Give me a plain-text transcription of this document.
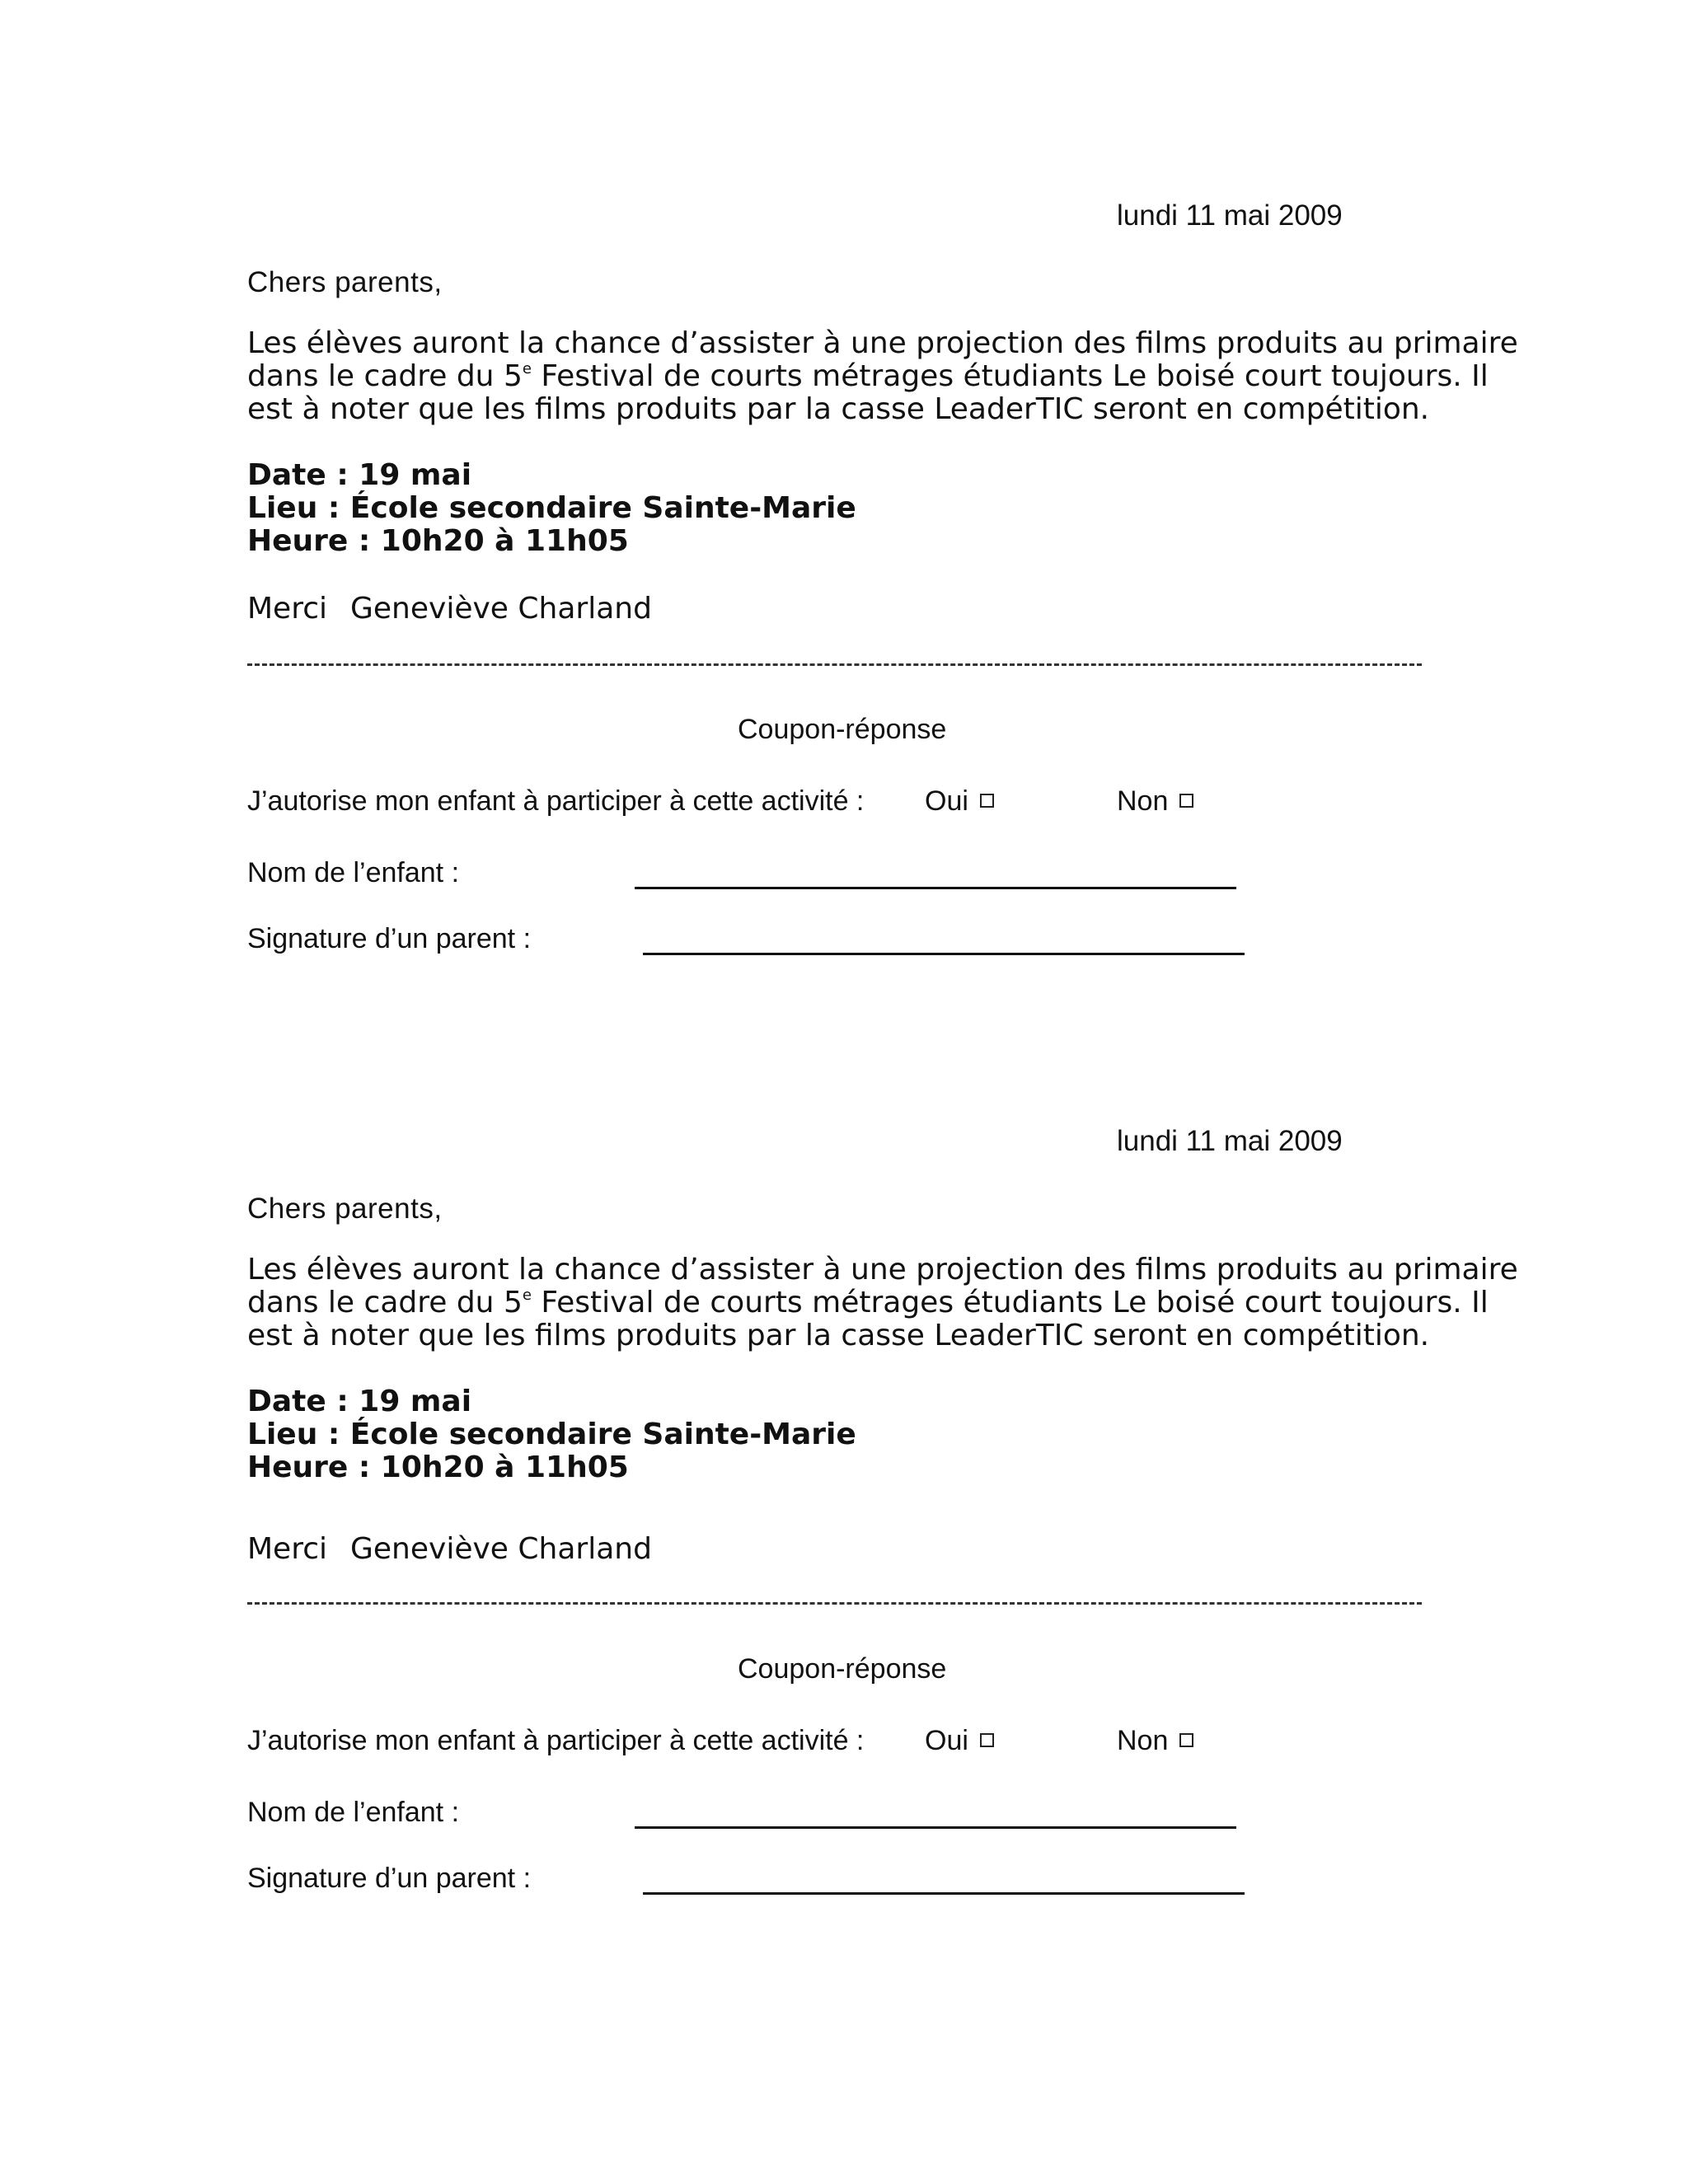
lundi 11 mai 2009
Chers parents,
Les élèves auront la chance d’assister à une projection des films produits au primaire
dans le cadre du 5e Festival de courts métrages étudiants Le boisé court toujours. Il
est à noter que les films produits par la casse LeaderTIC seront en compétition.
Date : 19 mai
Lieu : École secondaire Sainte-Marie
Heure : 10h20 à 11h05
Merci Geneviève Charland
Coupon-réponse
J’autorise mon enfant à participer à cette activité : Oui	Non
Nom de l’enfant :
Signature d’un parent :
lundi 11 mai 2009
Chers parents,
Les élèves auront la chance d’assister à une projection des films produits au primaire
dans le cadre du 5e Festival de courts métrages étudiants Le boisé court toujours. Il
est à noter que les films produits par la casse LeaderTIC seront en compétition.
Date : 19 mai
Lieu : École secondaire Sainte-Marie
Heure : 10h20 à 11h05
Merci Geneviève Charland
Coupon-réponse
J’autorise mon enfant à participer à cette activité : Oui	Non
Nom de l’enfant :
Signature d’un parent :
